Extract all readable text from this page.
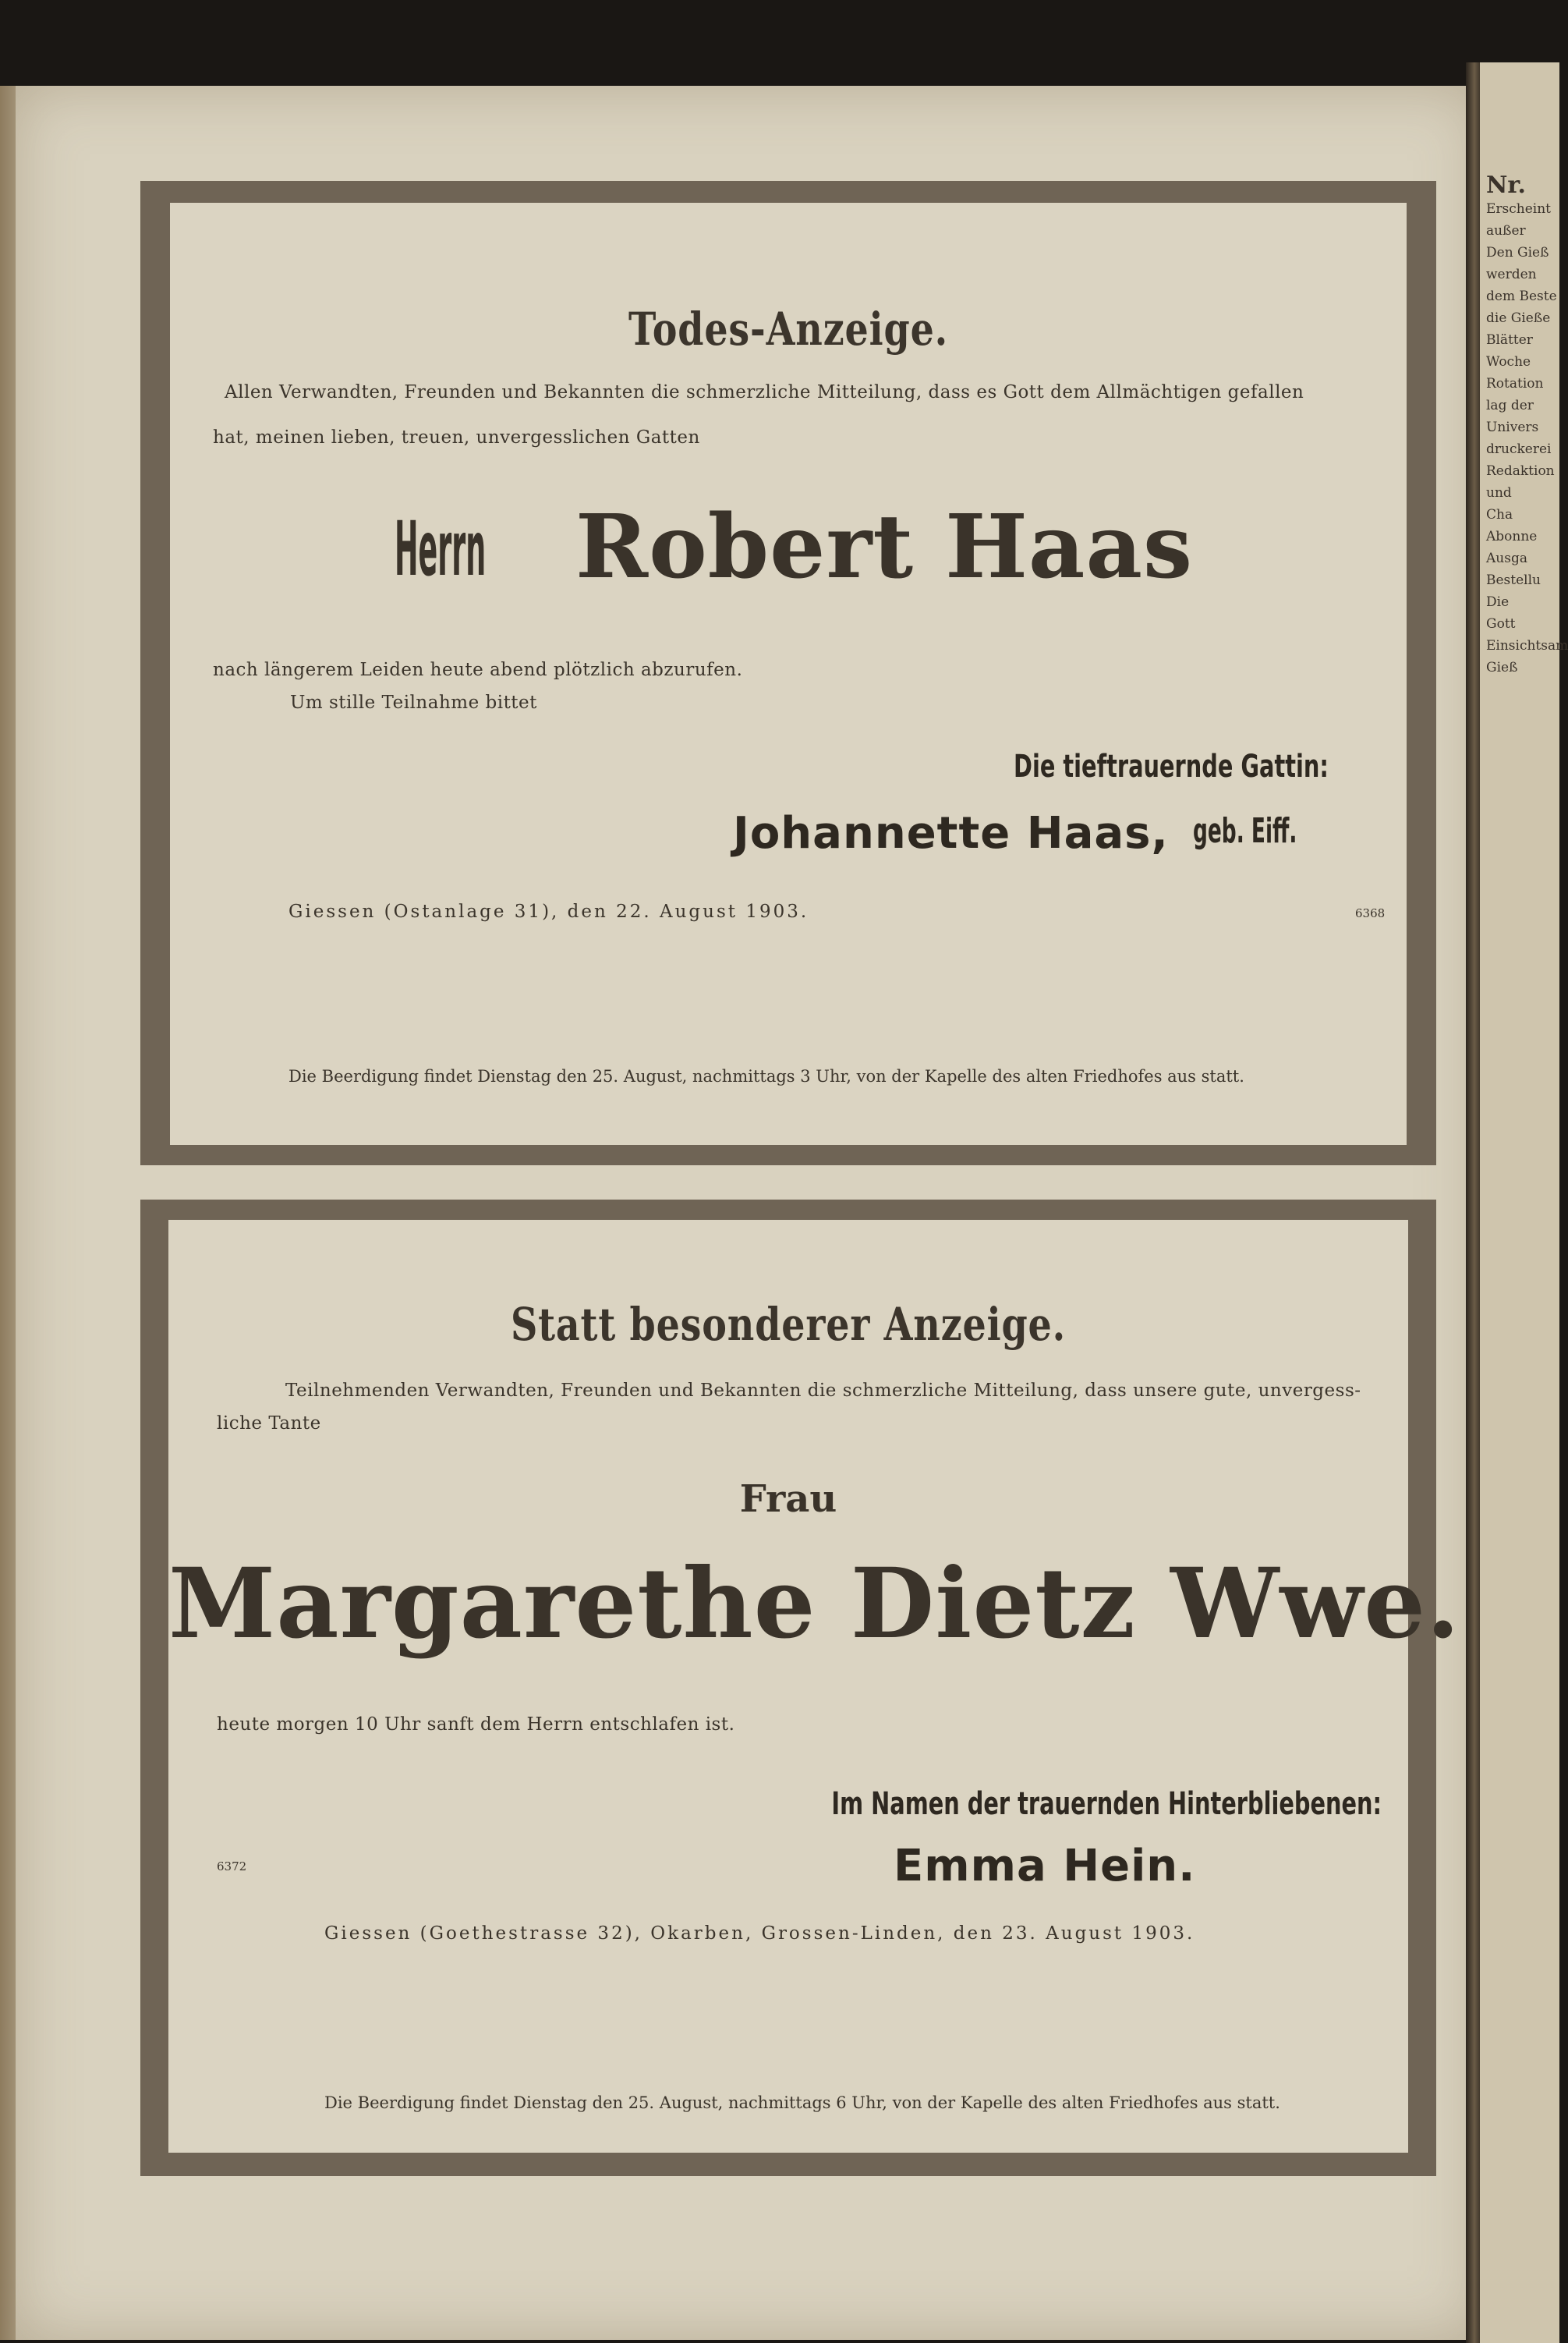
Nr.
Erscheint
außer
Den Gieß
werden
dem Beste
die Gieße
Blätter
Woche
Rotation
lag der
Univers
druckerei
Redaktion
und
Cha
Abonne
Ausga
Bestellu
Die
Gott
Einsichtsam
Gieß
Todes-Anzeige.
Allen Verwandten, Freunden und Bekannten die schmerzliche Mitteilung, dass es Gott dem Allmächtigen gefallen
hat, meinen lieben, treuen, unvergesslichen Gatten
Herrn Robert Haas
nach längerem Leiden heute abend plötzlich abzurufen.
Um stille Teilnahme bittet
Die tieftrauernde Gattin:
Johannette Haas, geb. Eiff.
Giessen (Ostanlage 31), den 22. August 1903.	6368
Die Beerdigung findet Dienstag den 25. August, nachmittags 3 Uhr, von der Kapelle des alten Friedhofes aus statt.
Statt besonderer Anzeige.
Teilnehmenden Verwandten, Freunden und Bekannten die schmerzliche Mitteilung, dass unsere gute, unvergess-
liche Tante
Frau
Margarethe Dietz Wwe.
heute morgen 10 Uhr sanft dem Herrn entschlafen ist.
Im Namen der trauernden Hinterbliebenen:
Emma Hein.
6372
Giessen (Goethestrasse 32), Okarben, Grossen-Linden, den 23. August 1903.
Die Beerdigung findet Dienstag den 25. August, nachmittags 6 Uhr, von der Kapelle des alten Friedhofes aus statt.
